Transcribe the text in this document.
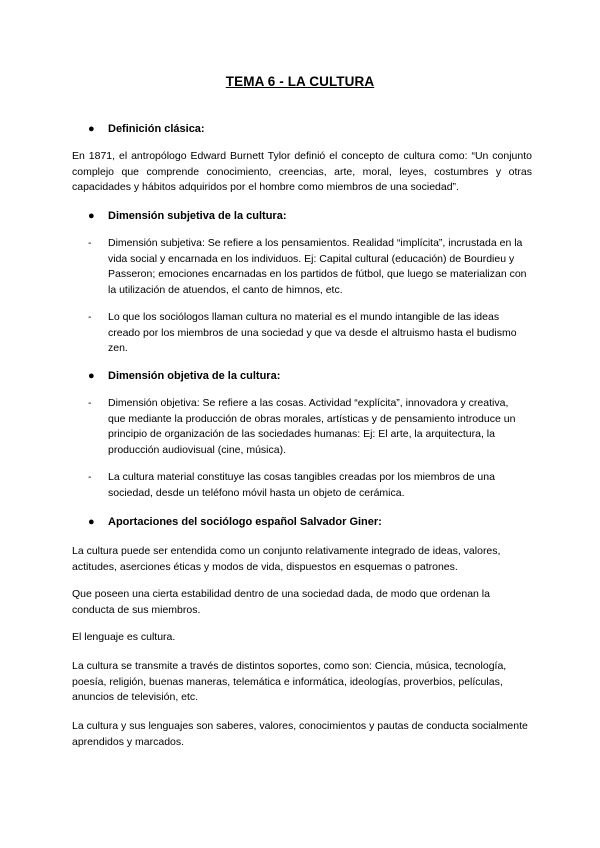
TEMA 6 - LA CULTURA
● Definición clásica:
En 1871, el antropólogo Edward Burnett Tylor definió el concepto de cultura como: “Un conjunto complejo que comprende conocimiento, creencias, arte, moral, leyes, costumbres y otras capacidades y hábitos adquiridos por el hombre como miembros de una sociedad”.
● Dimensión subjetiva de la cultura:
- Dimensión subjetiva: Se refiere a los pensamientos. Realidad “implícita”, incrustada en la vida social y encarnada en los individuos. Ej: Capital cultural (educación) de Bourdieu y Passeron; emociones encarnadas en los partidos de fútbol, que luego se materializan con la utilización de atuendos, el canto de himnos, etc.
- Lo que los sociólogos llaman cultura no material es el mundo intangible de las ideas creado por los miembros de una sociedad y que va desde el altruismo hasta el budismo zen.
● Dimensión objetiva de la cultura:
- Dimensión objetiva: Se refiere a las cosas. Actividad “explícita”, innovadora y creativa, que mediante la producción de obras morales, artísticas y de pensamiento introduce un principio de organización de las sociedades humanas: Ej: El arte, la arquitectura, la producción audiovisual (cine, música).
- La cultura material constituye las cosas tangibles creadas por los miembros de una sociedad, desde un teléfono móvil hasta un objeto de cerámica.
● Aportaciones del sociólogo español Salvador Giner:
La cultura puede ser entendida como un conjunto relativamente integrado de ideas, valores, actitudes, aserciones éticas y modos de vida, dispuestos en esquemas o patrones.
Que poseen una cierta estabilidad dentro de una sociedad dada, de modo que ordenan la conducta de sus miembros.
El lenguaje es cultura.
La cultura se transmite a través de distintos soportes, como son: Ciencia, música, tecnología, poesía, religión, buenas maneras, telemática e informática, ideologías, proverbios, películas, anuncios de televisión, etc.
La cultura y sus lenguajes son saberes, valores, conocimientos y pautas de conducta socialmente aprendidos y marcados.
